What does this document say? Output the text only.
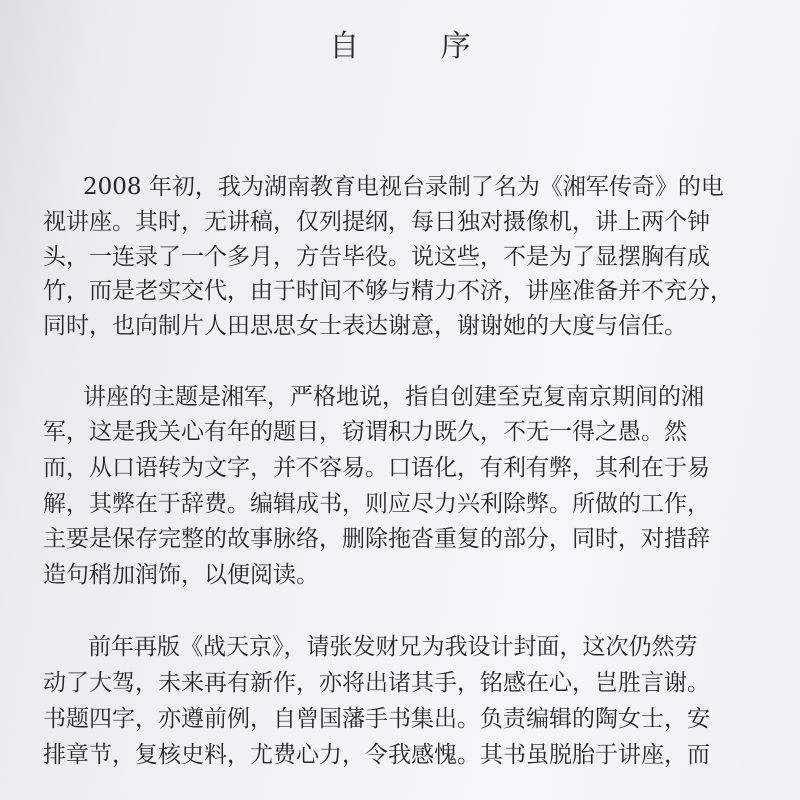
自 序
2008 年初，我为湖南教育电视台录制了名为《湘军传奇》的电
视讲座。其时，无讲稿，仅列提纲，每日独对摄像机，讲上两个钟
头，一连录了一个多月，方告毕役。说这些，不是为了显摆胸有成
竹，而是老实交代，由于时间不够与精力不济，讲座准备并不充分，
同时，也向制片人田思思女士表达谢意，谢谢她的大度与信任。
讲座的主题是湘军，严格地说，指自创建至克复南京期间的湘
军，这是我关心有年的题目，窃谓积力既久，不无一得之愚。然
而，从口语转为文字，并不容易。口语化，有利有弊，其利在于易
解，其弊在于辞费。编辑成书，则应尽力兴利除弊。所做的工作，
主要是保存完整的故事脉络，删除拖沓重复的部分，同时，对措辞
造句稍加润饰，以便阅读。
前年再版《战天京》，请张发财兄为我设计封面，这次仍然劳
动了大驾，未来再有新作，亦将出诸其手，铭感在心，岂胜言谢。
书题四字，亦遵前例，自曾国藩手书集出。负责编辑的陶女士，安
排章节，复核史料，尤费心力，令我感愧。其书虽脱胎于讲座，而
